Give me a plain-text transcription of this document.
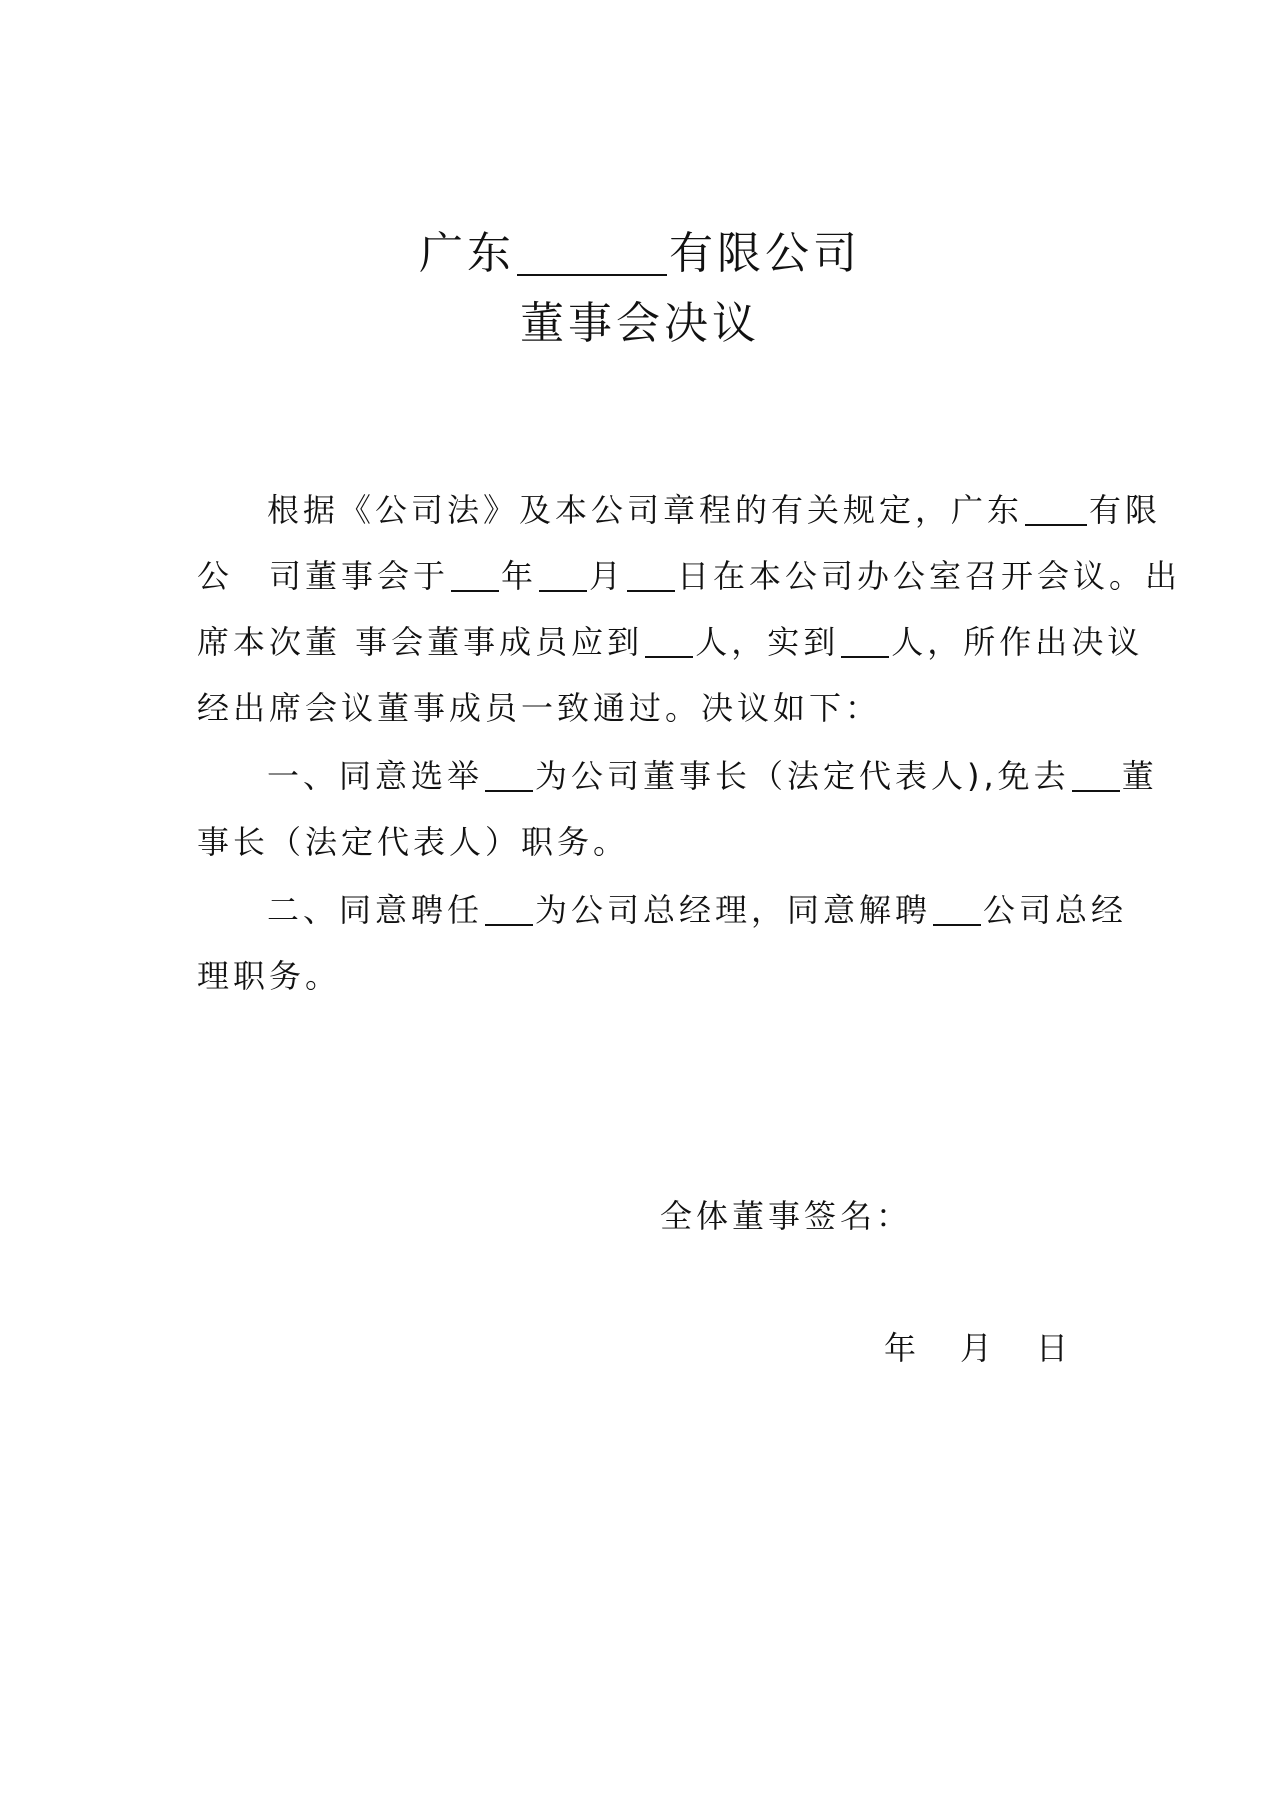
广东	有限公司
董事会决议
根据《公司法》及本公司章程的有关规定，广东 有限
公　司董事会于 年 月 日在本公司办公室召开会议。出
席本次董 事会董事成员应到 人，实到 人，所作出决议
经出席会议董事成员一致通过。决议如下：
一、同意选举 为公司董事长（法定代表人),免去 董
事长（法定代表人）职务。
二、同意聘任 为公司总经理，同意解聘 公司总经
理职务。
全体董事签名：
年 月 日
